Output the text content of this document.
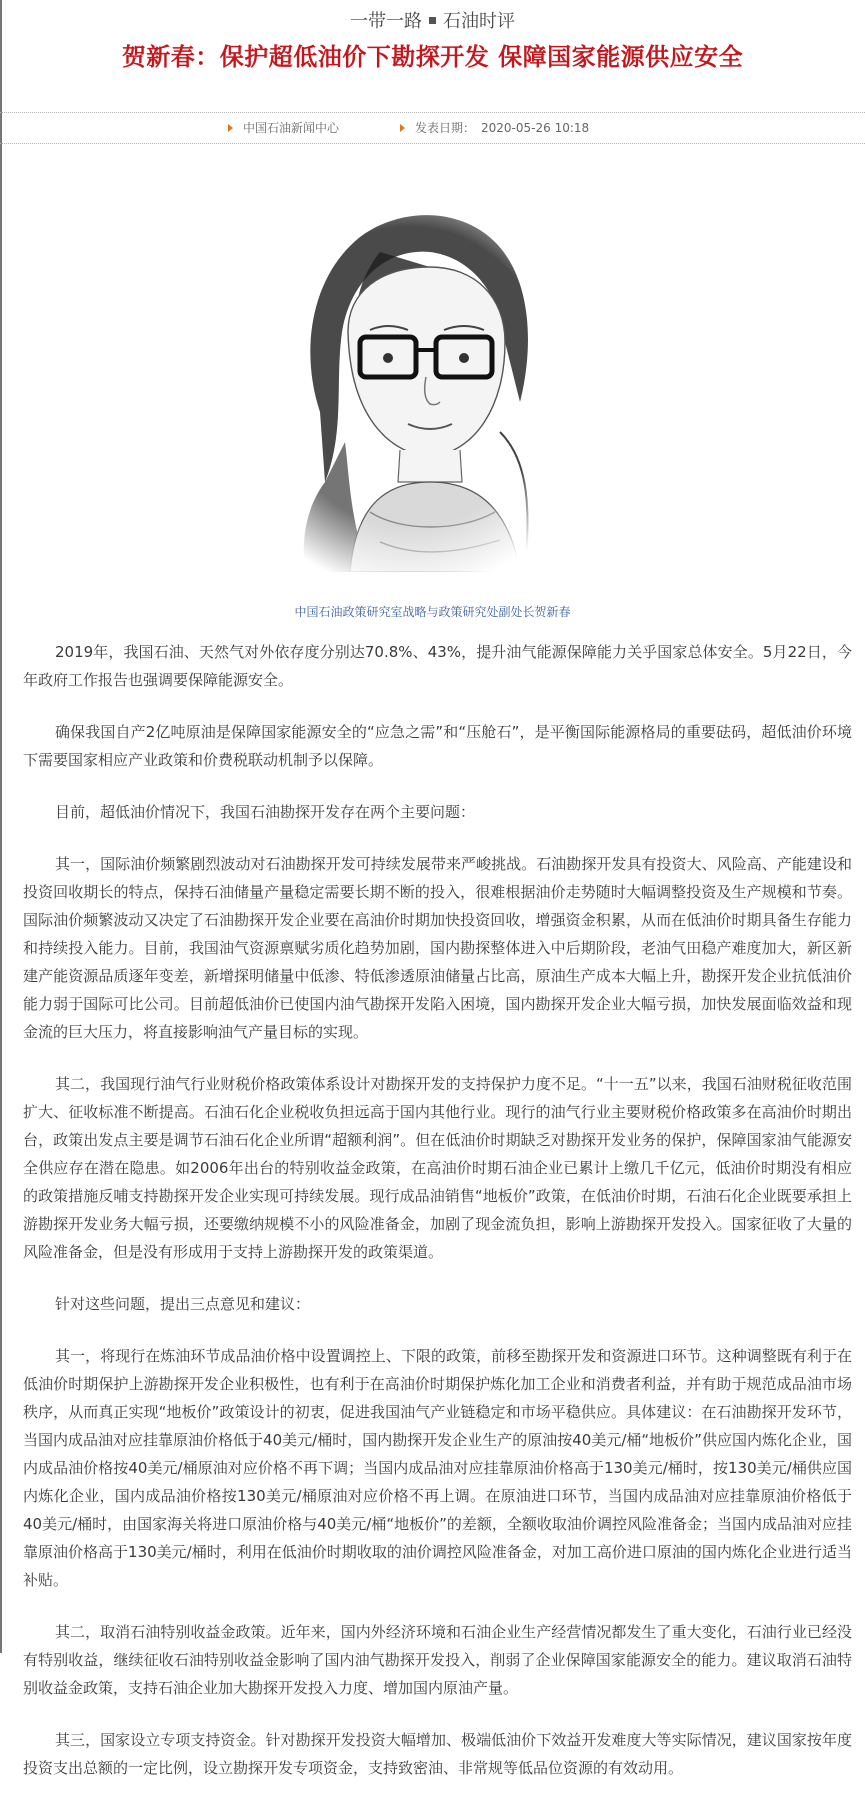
一带一路 石油时评
贺新春：保护超低油价下勘探开发 保障国家能源供应安全
中国石油新闻中心	发表日期： 2020-05-26 10:18
中国石油政策研究室战略与政策研究处副处长贺新春

2019年，我国石油、天然气对外依存度分别达70.8%、43%，提升油气能源保障能力关乎国家总体安全。5月22日，今年政府工作报告也强调要保障能源安全。

确保我国自产2亿吨原油是保障国家能源安全的“应急之需”和“压舱石”，是平衡国际能源格局的重要砝码，超低油价环境下需要国家相应产业政策和价费税联动机制予以保障。

目前，超低油价情况下，我国石油勘探开发存在两个主要问题：

其一，国际油价频繁剧烈波动对石油勘探开发可持续发展带来严峻挑战。石油勘探开发具有投资大、风险高、产能建设和投资回收期长的特点，保持石油储量产量稳定需要长期不断的投入，很难根据油价走势随时大幅调整投资及生产规模和节奏。国际油价频繁波动又决定了石油勘探开发企业要在高油价时期加快投资回收，增强资金积累，从而在低油价时期具备生存能力和持续投入能力。目前，我国油气资源禀赋劣质化趋势加剧，国内勘探整体进入中后期阶段，老油气田稳产难度加大，新区新建产能资源品质逐年变差，新增探明储量中低渗、特低渗透原油储量占比高，原油生产成本大幅上升，勘探开发企业抗低油价能力弱于国际可比公司。目前超低油价已使国内油气勘探开发陷入困境，国内勘探开发企业大幅亏损，加快发展面临效益和现金流的巨大压力，将直接影响油气产量目标的实现。

其二，我国现行油气行业财税价格政策体系设计对勘探开发的支持保护力度不足。“十一五”以来，我国石油财税征收范围扩大、征收标准不断提高。石油石化企业税收负担远高于国内其他行业。现行的油气行业主要财税价格政策多在高油价时期出台，政策出发点主要是调节石油石化企业所谓“超额利润”。但在低油价时期缺乏对勘探开发业务的保护，保障国家油气能源安全供应存在潜在隐患。如2006年出台的特别收益金政策，在高油价时期石油企业已累计上缴几千亿元，低油价时期没有相应的政策措施反哺支持勘探开发企业实现可持续发展。现行成品油销售“地板价”政策，在低油价时期，石油石化企业既要承担上游勘探开发业务大幅亏损，还要缴纳规模不小的风险准备金，加剧了现金流负担，影响上游勘探开发投入。国家征收了大量的风险准备金，但是没有形成用于支持上游勘探开发的政策渠道。

针对这些问题，提出三点意见和建议：

其一，将现行在炼油环节成品油价格中设置调控上、下限的政策，前移至勘探开发和资源进口环节。这种调整既有利于在低油价时期保护上游勘探开发企业积极性，也有利于在高油价时期保护炼化加工企业和消费者利益，并有助于规范成品油市场秩序，从而真正实现“地板价”政策设计的初衷，促进我国油气产业链稳定和市场平稳供应。具体建议：在石油勘探开发环节，当国内成品油对应挂靠原油价格低于40美元/桶时，国内勘探开发企业生产的原油按40美元/桶“地板价”供应国内炼化企业，国内成品油价格按40美元/桶原油对应价格不再下调；当国内成品油对应挂靠原油价格高于130美元/桶时，按130美元/桶供应国内炼化企业，国内成品油价格按130美元/桶原油对应价格不再上调。在原油进口环节，当国内成品油对应挂靠原油价格低于40美元/桶时，由国家海关将进口原油价格与40美元/桶“地板价”的差额，全额收取油价调控风险准备金；当国内成品油对应挂靠原油价格高于130美元/桶时，利用在低油价时期收取的油价调控风险准备金，对加工高价进口原油的国内炼化企业进行适当补贴。

其二，取消石油特别收益金政策。近年来，国内外经济环境和石油企业生产经营情况都发生了重大变化，石油行业已经没有特别收益，继续征收石油特别收益金影响了国内油气勘探开发投入，削弱了企业保障国家能源安全的能力。建议取消石油特别收益金政策，支持石油企业加大勘探开发投入力度、增加国内原油产量。

其三，国家设立专项支持资金。针对勘探开发投资大幅增加、极端低油价下效益开发难度大等实际情况，建议国家按年度投资支出总额的一定比例，设立勘探开发专项资金，支持致密油、非常规等低品位资源的有效动用。
